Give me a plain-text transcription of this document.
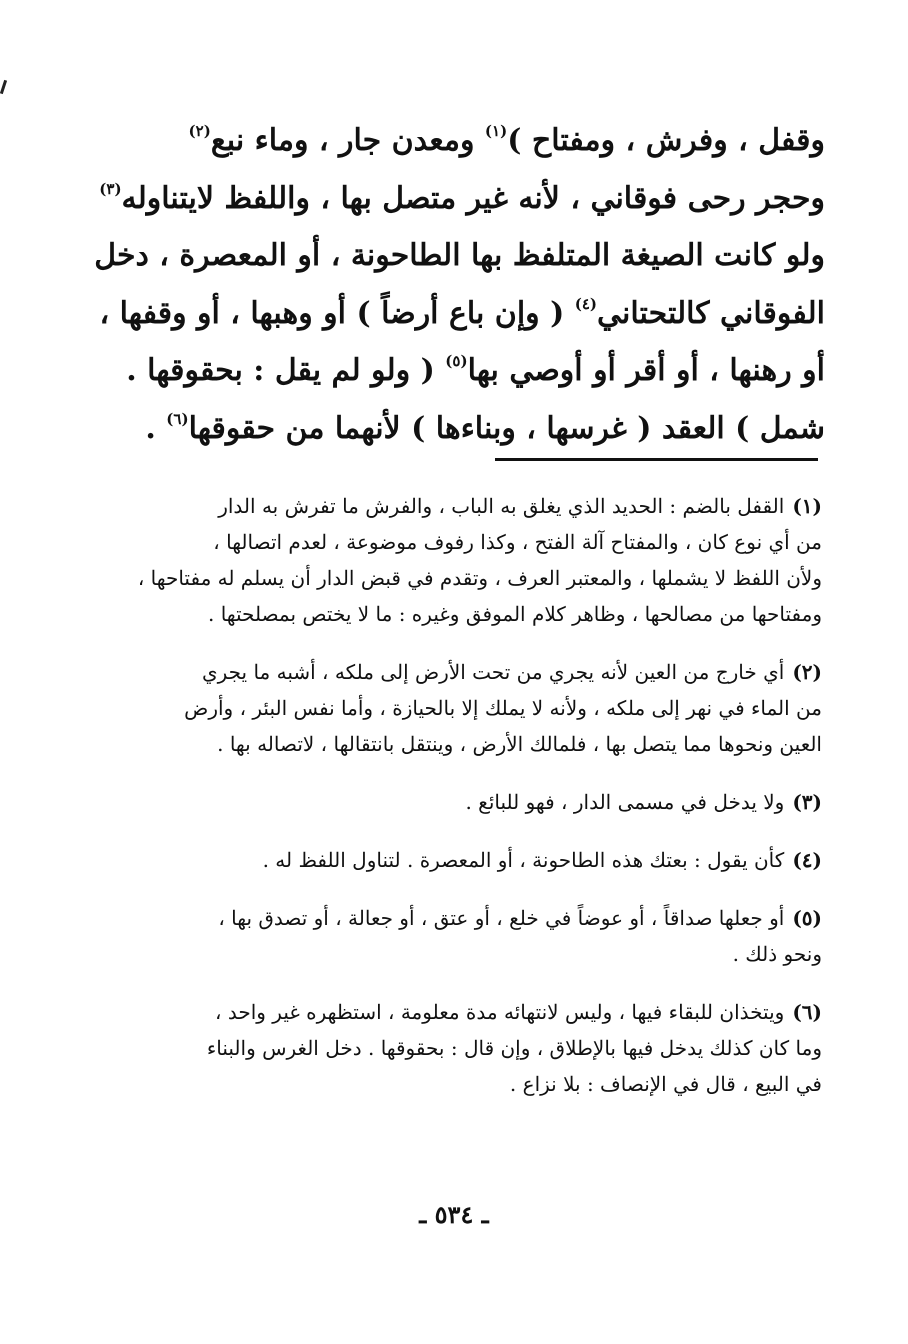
وقفل ، وفرش ، ومفتاح )$^{(١)}$ ومعدن جار ، وماء نبع$^{(٢)}$
وحجر رحى فوقاني ، لأنه غير متصل بها ، واللفظ لايتناوله$^{(٣)}$
ولو كانت الصيغة المتلفظ بها الطاحونة ، أو المعصرة ، دخل
الفوقاني كالتحتاني$^{(٤)}$ ( وإن باع أرضاً ) أو وهبها ، أو وقفها ،
أو رهنها ، أو أقر أو أوصي بها$^{(٥)}$ ( ولو لم يقل : بحقوقها .
شمل ) العقد ( غرسها ، وبناءها ) لأنهما من حقوقها$^{(٦)}$ .
(١)القفل بالضم : الحديد الذي يغلق به الباب ، والفرش ما تفرش به الدار
من أي نوع كان ، والمفتاح آلة الفتح ، وكذا رفوف موضوعة ، لعدم اتصالها ،
ولأن اللفظ لا يشملها ، والمعتبر العرف ، وتقدم في قبض الدار أن يسلم له مفتاحها ،
ومفتاحها من مصالحها ، وظاهر كلام الموفق وغيره : ما لا يختص بمصلحتها .
(٢)أي خارج من العين لأنه يجري من تحت الأرض إلى ملكه ، أشبه ما يجري
من الماء في نهر إلى ملكه ، ولأنه لا يملك إلا بالحيازة ، وأما نفس البئر ، وأرض
العين ونحوها مما يتصل بها ، فلمالك الأرض ، وينتقل بانتقالها ، لاتصاله بها .
(٣)ولا يدخل في مسمى الدار ، فهو للبائع .
(٤)كأن يقول : بعتك هذه الطاحونة ، أو المعصرة . لتناول اللفظ له .
(٥)أو جعلها صداقاً ، أو عوضاً في خلع ، أو عتق ، أو جعالة ، أو تصدق بها ،
ونحو ذلك .
(٦)ويتخذان للبقاء فيها ، وليس لانتهائه مدة معلومة ، استظهره غير واحد ،
وما كان كذلك يدخل فيها بالإطلاق ، وإن قال : بحقوقها . دخل الغرس والبناء
في البيع ، قال في الإنصاف : بلا نزاع .
ـ ٥٣٤ ـ
